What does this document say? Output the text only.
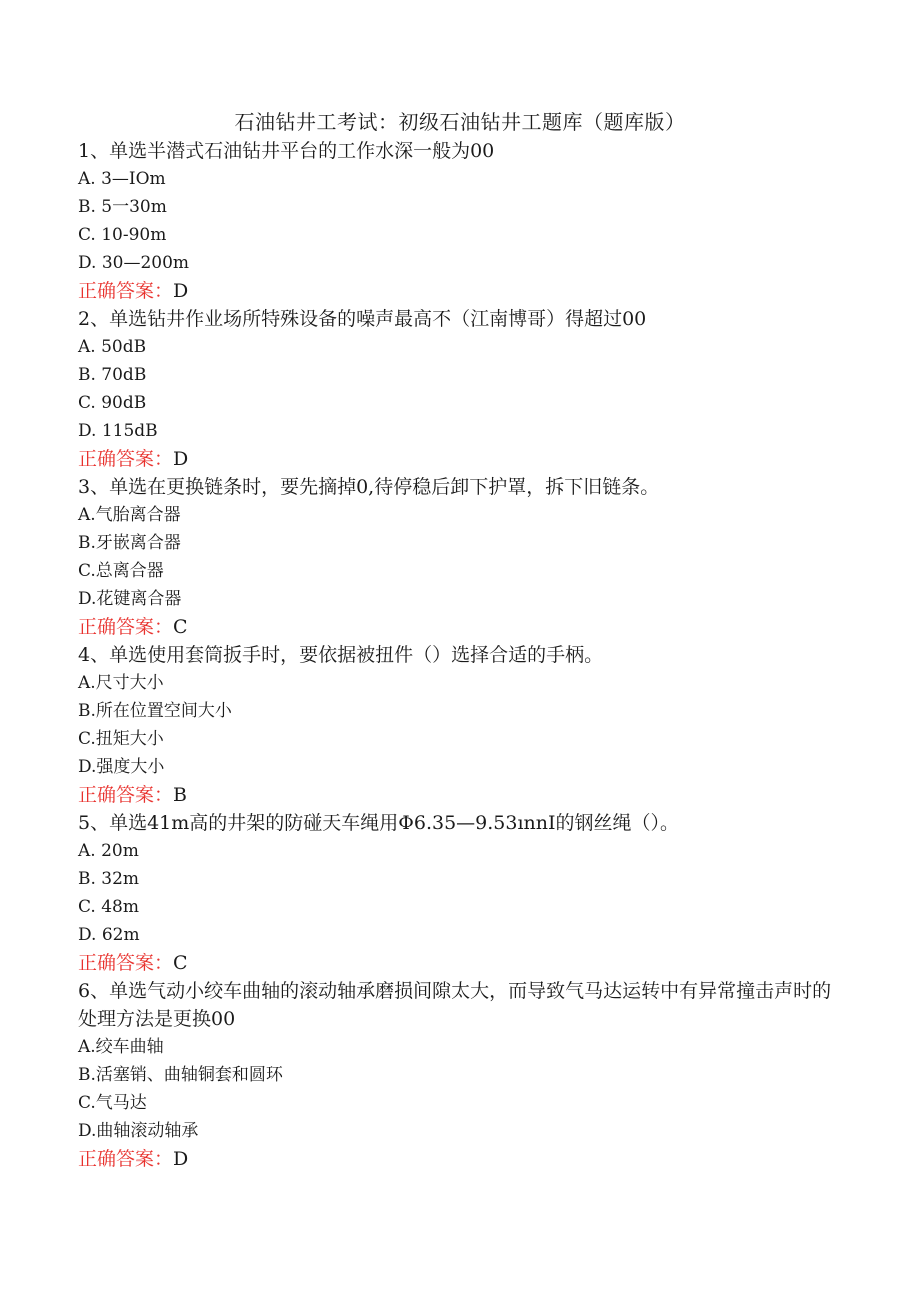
石油钻井工考试：初级石油钻井工题库（题库版）
1、单选半潜式石油钻井平台的工作水深一般为00
A. 3—IOm
B. 5一30m
C. 10-90m
D. 30—200m
正确答案：D
2、单选钻井作业场所特殊设备的噪声最高不（江南博哥）得超过00
A. 50dB
B. 70dB
C. 90dB
D. 115dB
正确答案：D
3、单选在更换链条时，要先摘掉0,待停稳后卸下护罩，拆下旧链条。
A.气胎离合器
B.牙嵌离合器
C.总离合器
D.花键离合器
正确答案：C
4、单选使用套筒扳手时，要依据被扭件（）选择合适的手柄。
A.尺寸大小
B.所在位置空间大小
C.扭矩大小
D.强度大小
正确答案：B
5、单选41m高的井架的防碰天车绳用Φ6.35—9.53ınnI的钢丝绳（）。
A. 20m
B. 32m
C. 48m
D. 62m
正确答案：C
6、单选气动小绞车曲轴的滚动轴承磨损间隙太大，而导致气马达运转中有异常撞击声时的处理方法是更换00
A.绞车曲轴
B.活塞销、曲轴铜套和圆环
C.气马达
D.曲轴滚动轴承
正确答案：D
